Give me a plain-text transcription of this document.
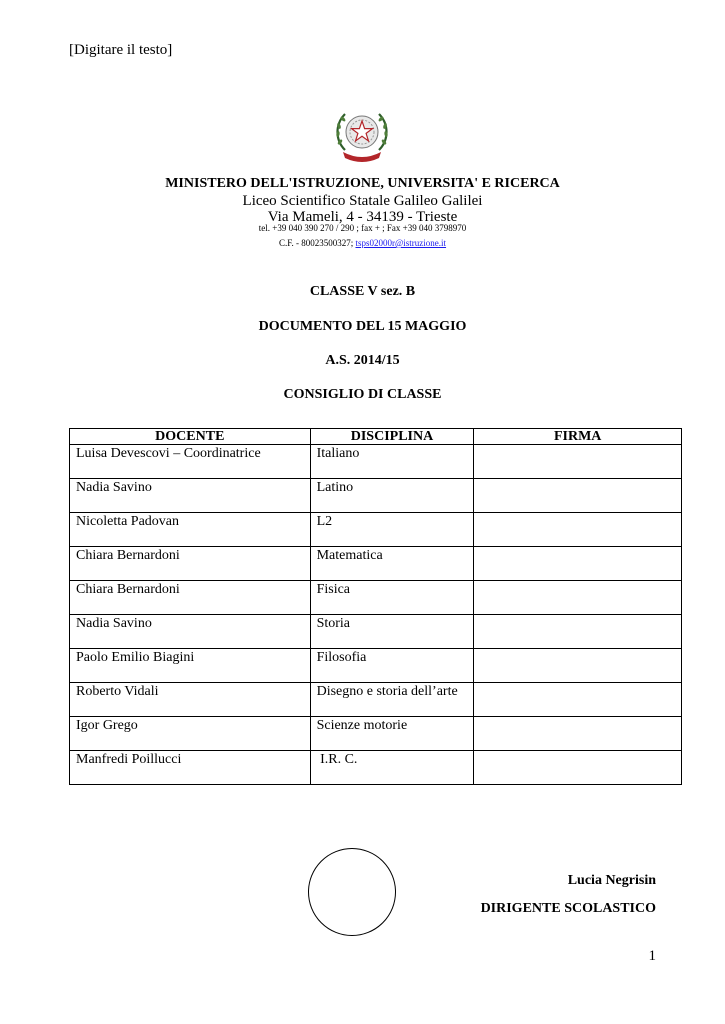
[Digitare il testo]
MINISTERO DELL'ISTRUZIONE, UNIVERSITA' E RICERCA
Liceo Scientifico Statale Galileo Galilei
Via Mameli, 4 - 34139 - Trieste
tel. +39 040 390 270 / 290 ; fax + ; Fax +39 040 3798970
C.F. - 80023500327; tsps02000r@istruzione.it
CLASSE V sez. B
DOCUMENTO DEL 15 MAGGIO
A.S. 2014/15
CONSIGLIO DI CLASSE
DOCENTE	DISCIPLINA	FIRMA
Luisa Devescovi – Coordinatrice	Italiano	
Nadia Savino	Latino	
Nicoletta Padovan	L2	
Chiara Bernardoni	Matematica	
Chiara Bernardoni	Fisica	
Nadia Savino	Storia	
Paolo Emilio Biagini	Filosofia	
Roberto Vidali	Disegno e storia dell’arte	
Igor Grego	Scienze motorie	
Manfredi Poillucci	I.R. C.	
Lucia Negrisin
DIRIGENTE SCOLASTICO
1
